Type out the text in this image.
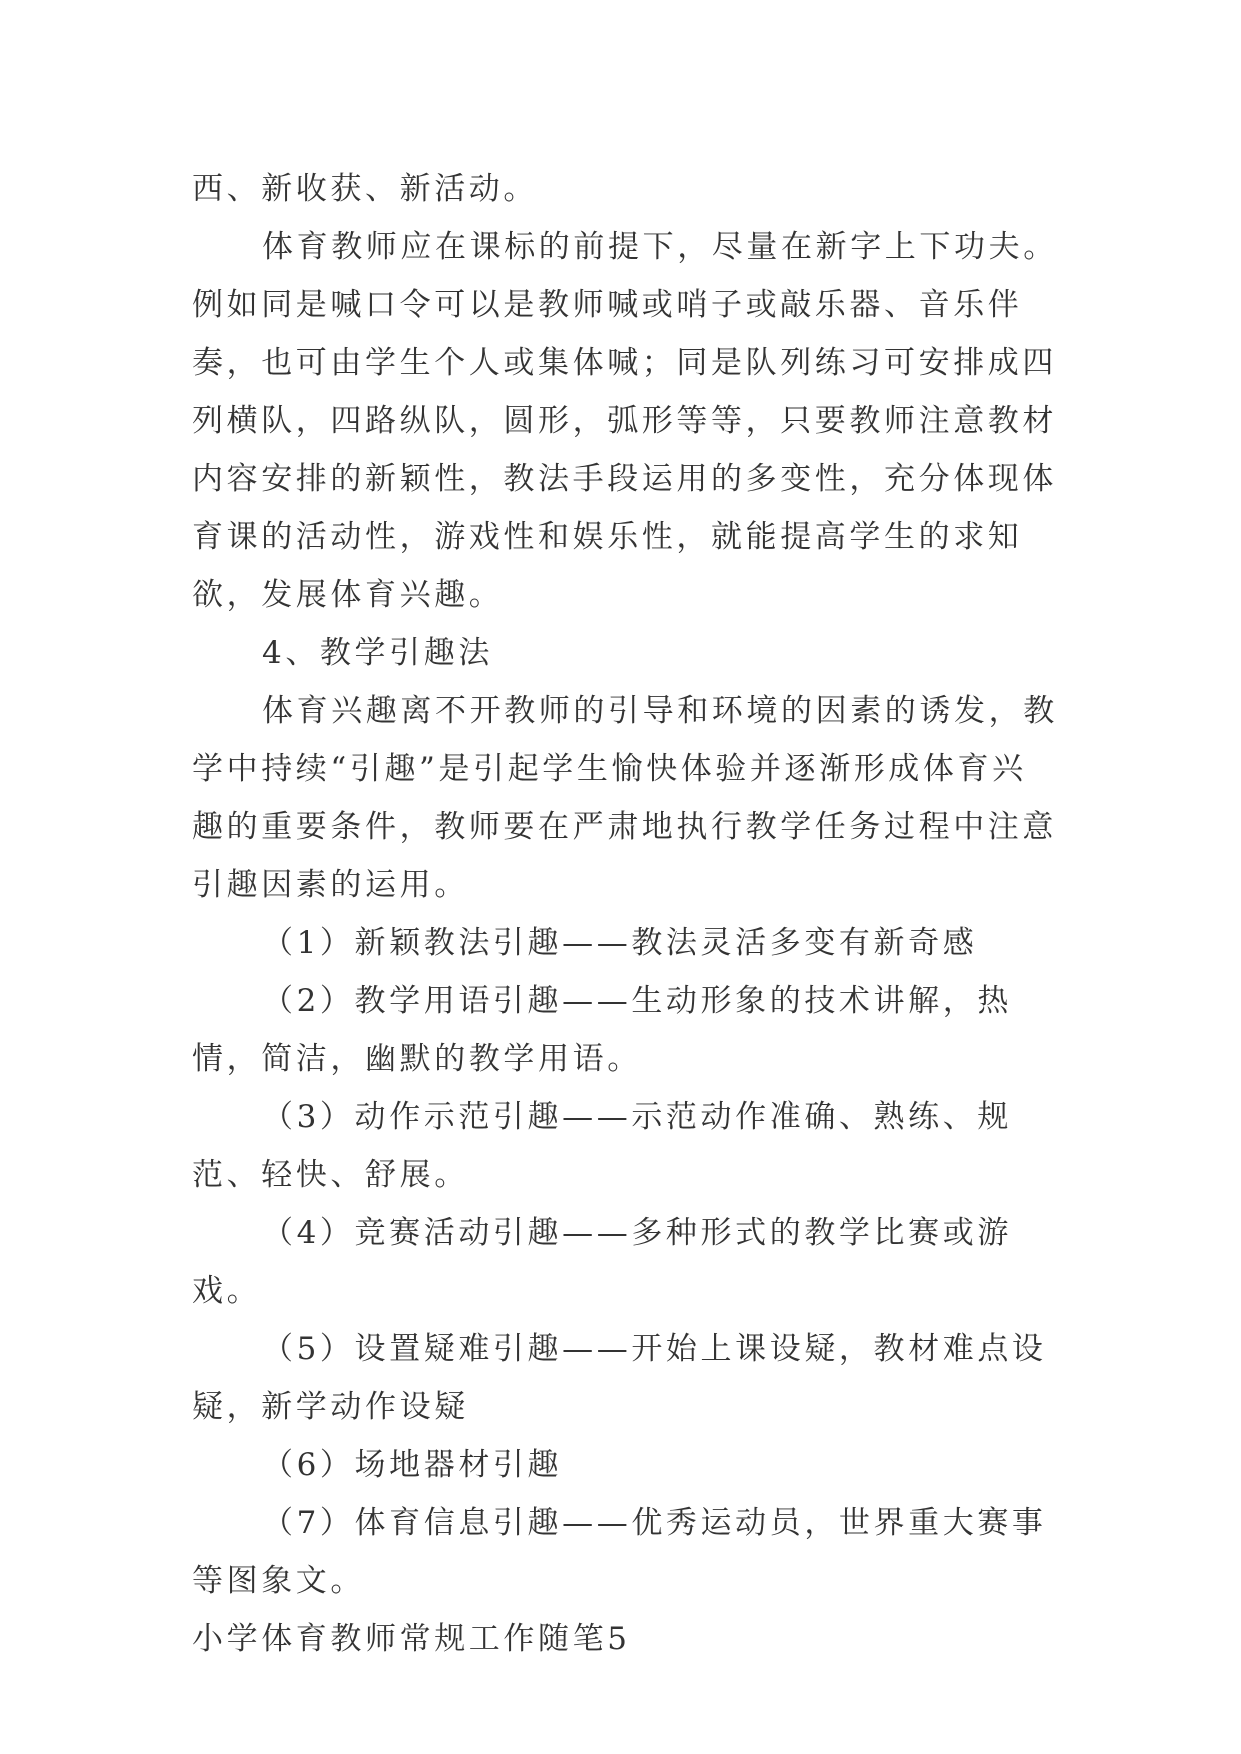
西、新收获、新活动。

体育教师应在课标的前提下，尽量在新字上下功夫。例如同是喊口令可以是教师喊或哨子或敲乐器、音乐伴奏，也可由学生个人或集体喊；同是队列练习可安排成四列横队，四路纵队，圆形，弧形等等，只要教师注意教材内容安排的新颖性，教法手段运用的多变性，充分体现体育课的活动性，游戏性和娱乐性，就能提高学生的求知欲，发展体育兴趣。

4、教学引趣法

体育兴趣离不开教师的引导和环境的因素的诱发，教学中持续“引趣”是引起学生愉快体验并逐渐形成体育兴趣的重要条件，教师要在严肃地执行教学任务过程中注意引趣因素的运用。

（1）新颖教法引趣——教法灵活多变有新奇感

（2）教学用语引趣——生动形象的技术讲解，热情，简洁，幽默的教学用语。

（3）动作示范引趣——示范动作准确、熟练、规范、轻快、舒展。

（4）竞赛活动引趣——多种形式的教学比赛或游戏。

（5）设置疑难引趣——开始上课设疑，教材难点设疑，新学动作设疑

（6）场地器材引趣

（7）体育信息引趣——优秀运动员，世界重大赛事等图象文。

小学体育教师常规工作随笔5
